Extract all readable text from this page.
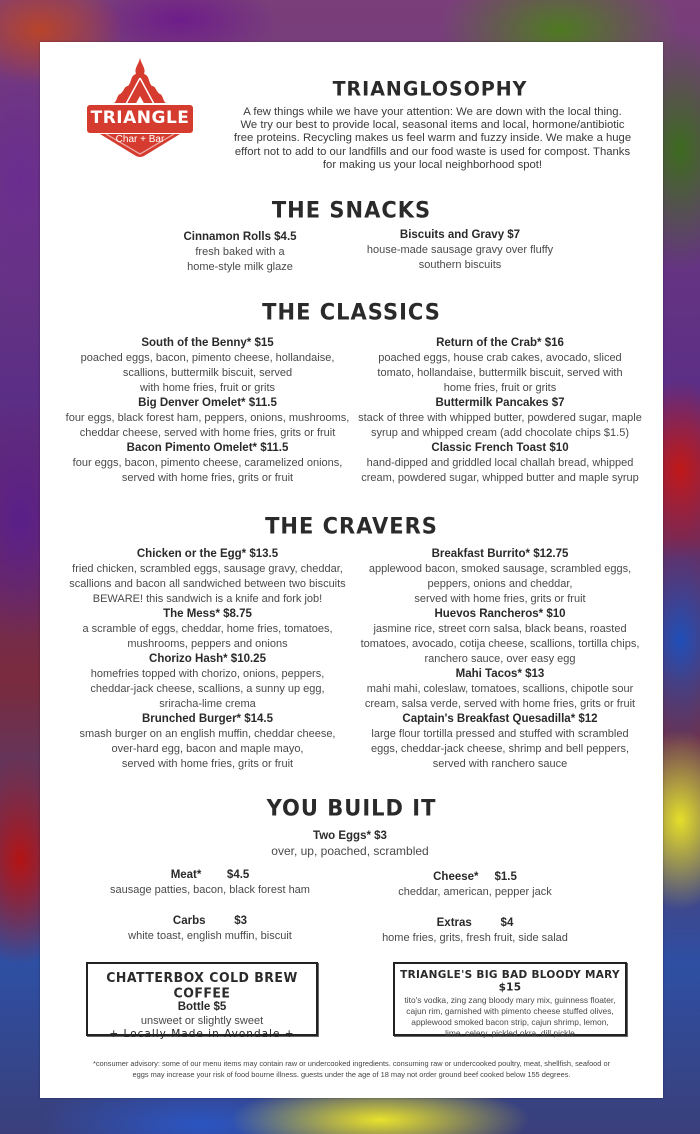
TRIANGLE
Char + Bar
TRIANGLOSOPHY
A few things while we have your attention: We are down with the local thing.
We try our best to provide local, seasonal items and local, hormone/antibiotic
free proteins. Recycling makes us feel warm and fuzzy inside. We make a huge
effort not to add to our landfills and our food waste is used for compost. Thanks
for making us your local neighborhood spot!
THE SNACKS
Cinnamon Rolls $4.5
fresh baked with a
home-style milk glaze
Biscuits and Gravy $7
house-made sausage gravy over fluffy
southern biscuits
THE CLASSICS
South of the Benny* $15
poached eggs, bacon, pimento cheese, hollandaise,
scallions, buttermilk biscuit, served
with home fries, fruit or grits
Big Denver Omelet* $11.5
four eggs, black forest ham, peppers, onions, mushrooms,
cheddar cheese, served with home fries, grits or fruit
Bacon Pimento Omelet* $11.5
four eggs, bacon, pimento cheese, caramelized onions,
served with home fries, grits or fruit
Return of the Crab* $16
poached eggs, house crab cakes, avocado, sliced
tomato, hollandaise, buttermilk biscuit, served with
home fries, fruit or grits
Buttermilk Pancakes $7
stack of three with whipped butter, powdered sugar, maple
syrup and whipped cream (add chocolate chips $1.5)
Classic French Toast $10
hand-dipped and griddled local challah bread, whipped
cream, powdered sugar, whipped butter and maple syrup
THE CRAVERS
Chicken or the Egg* $13.5
fried chicken, scrambled eggs, sausage gravy, cheddar,
scallions and bacon all sandwiched between two biscuits
BEWARE! this sandwich is a knife and fork job!
The Mess* $8.75
a scramble of eggs, cheddar, home fries, tomatoes,
mushrooms, peppers and onions
Chorizo Hash* $10.25
homefries topped with chorizo, onions, peppers,
cheddar-jack cheese, scallions, a sunny up egg,
sriracha-lime crema
Brunched Burger* $14.5
smash burger on an english muffin, cheddar cheese,
over-hard egg, bacon and maple mayo,
served with home fries, grits or fruit
Breakfast Burrito* $12.75
applewood bacon, smoked sausage, scrambled eggs,
peppers, onions and cheddar,
served with home fries, grits or fruit
Huevos Rancheros* $10
jasmine rice, street corn salsa, black beans, roasted
tomatoes, avocado, cotija cheese, scallions, tortilla chips,
ranchero sauce, over easy egg
Mahi Tacos* $13
mahi mahi, coleslaw, tomatoes, scallions, chipotle sour
cream, salsa verde, served with home fries, grits or fruit
Captain's Breakfast Quesadilla* $12
large flour tortilla pressed and stuffed with scrambled
eggs, cheddar-jack cheese, shrimp and bell peppers,
served with ranchero sauce
YOU BUILD IT
Two Eggs* $3
over, up, poached, scrambled
Meat*        $4.5
sausage patties, bacon, black forest ham
Cheese*     $1.5
cheddar, american, pepper jack
Carbs         $3
white toast, english muffin, biscuit
Extras         $4
home fries, grits, fresh fruit, side salad
CHATTERBOX COLD BREW COFFEE
Bottle $5
unsweet or slightly sweet
+ Locally Made in Avondale +
TRIANGLE'S BIG BAD BLOODY MARY $15
tito's vodka, zing zang bloody mary mix, guinness floater,
cajun rim, garnished with pimento cheese stuffed olives,
applewood smoked bacon strip, cajun shrimp, lemon,
lime, celery, pickled okra, dill pickle
*consumer advisory: some of our menu items may contain raw or undercooked ingredients. consuming raw or undercooked poultry, meat, shellfish, seafood or
eggs may increase your risk of food bourne illness. guests under the age of 18 may not order ground beef cooked below 155 degrees.
